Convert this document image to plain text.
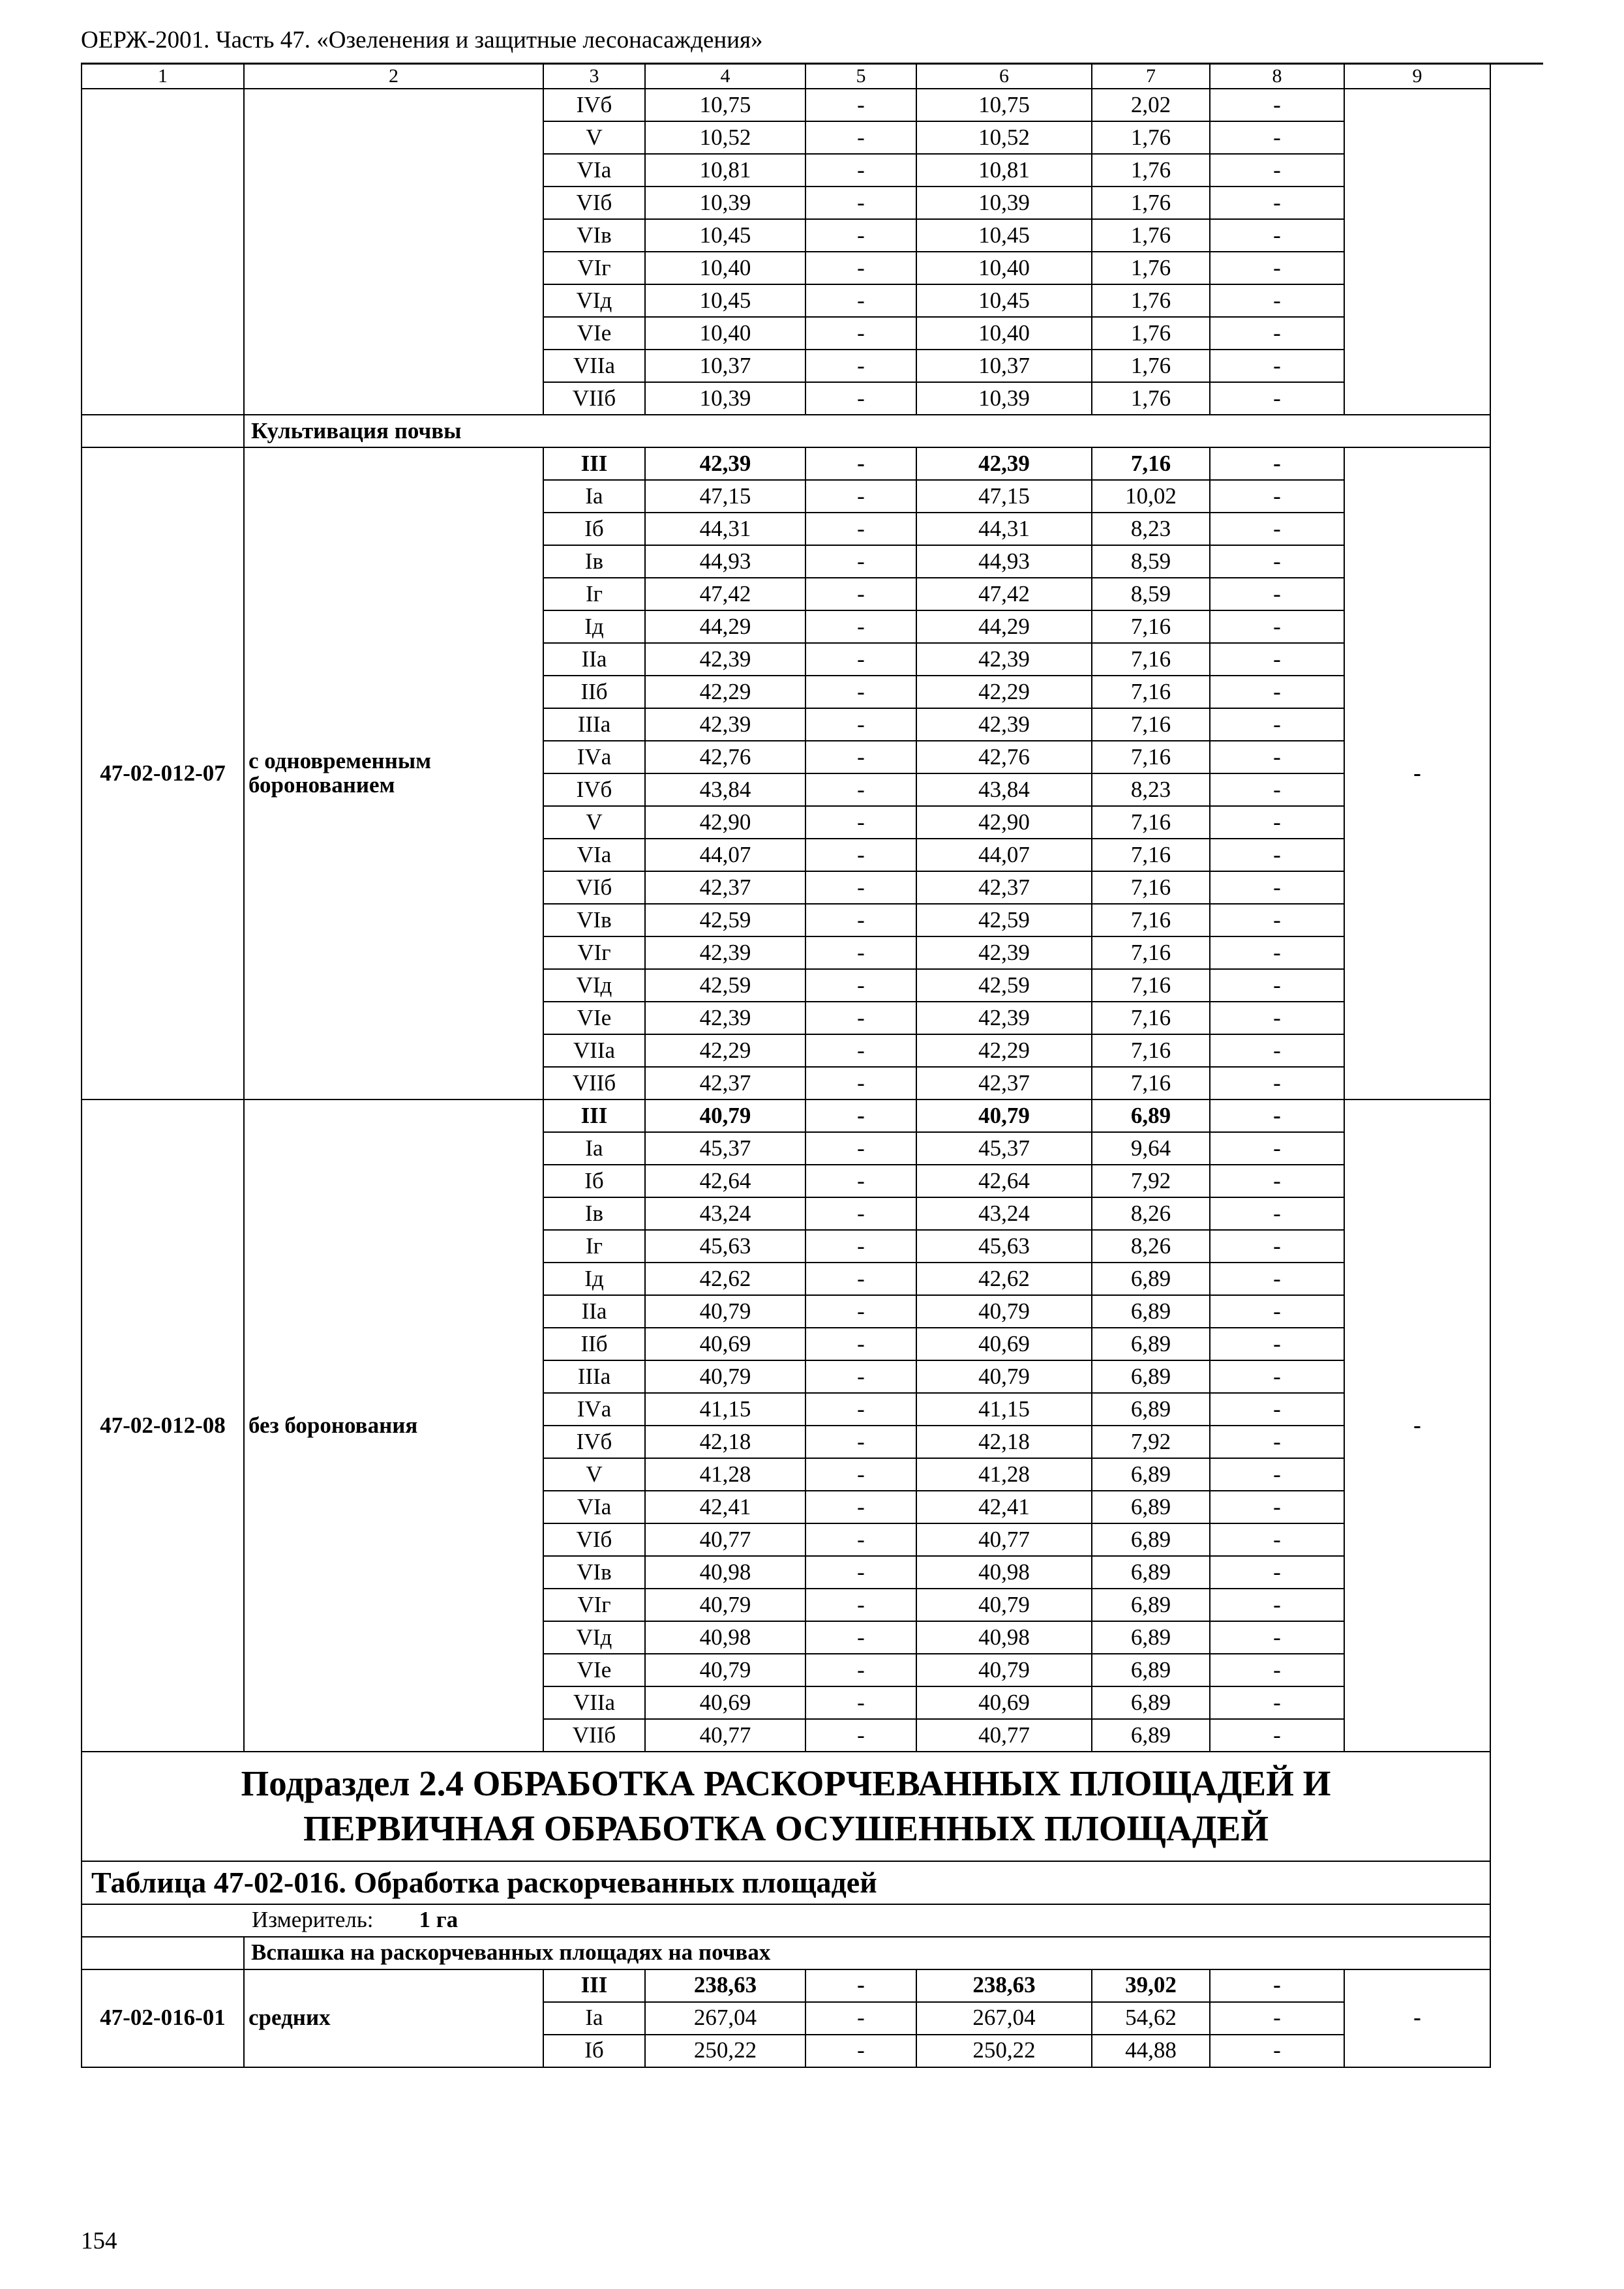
ОЕРЖ-2001. Часть 47. «Озеленения и защитные лесонасаждения»
1	2	3	4	5	6	7	8	9
		IVб	10,75	-	10,75	2,02	-	
		V	10,52	-	10,52	1,76	-	
		VIа	10,81	-	10,81	1,76	-	
		VIб	10,39	-	10,39	1,76	-	
		VIв	10,45	-	10,45	1,76	-	
		VIг	10,40	-	10,40	1,76	-	
		VIд	10,45	-	10,45	1,76	-	
		VIе	10,40	-	10,40	1,76	-	
		VIIа	10,37	-	10,37	1,76	-	
		VIIб	10,39	-	10,39	1,76	-	
	Культивация почвы							
47-02-012-07	с одновременным боронованием	III	42,39	-	42,39	7,16	-	-
		Iа	47,15	-	47,15	10,02	-	
		Iб	44,31	-	44,31	8,23	-	
		Iв	44,93	-	44,93	8,59	-	
		Iг	47,42	-	47,42	8,59	-	
		Iд	44,29	-	44,29	7,16	-	
		IIа	42,39	-	42,39	7,16	-	
		IIб	42,29	-	42,29	7,16	-	
		IIIа	42,39	-	42,39	7,16	-	
		IVа	42,76	-	42,76	7,16	-	
		IVб	43,84	-	43,84	8,23	-	
		V	42,90	-	42,90	7,16	-	
		VIа	44,07	-	44,07	7,16	-	
		VIб	42,37	-	42,37	7,16	-	
		VIв	42,59	-	42,59	7,16	-	
		VIг	42,39	-	42,39	7,16	-	
		VIд	42,59	-	42,59	7,16	-	
		VIе	42,39	-	42,39	7,16	-	
		VIIа	42,29	-	42,29	7,16	-	
		VIIб	42,37	-	42,37	7,16	-	
47-02-012-08	без боронования	III	40,79	-	40,79	6,89	-	-
		Iа	45,37	-	45,37	9,64	-	
		Iб	42,64	-	42,64	7,92	-	
		Iв	43,24	-	43,24	8,26	-	
		Iг	45,63	-	45,63	8,26	-	
		Iд	42,62	-	42,62	6,89	-	
		IIа	40,79	-	40,79	6,89	-	
		IIб	40,69	-	40,69	6,89	-	
		IIIа	40,79	-	40,79	6,89	-	
		IVа	41,15	-	41,15	6,89	-	
		IVб	42,18	-	42,18	7,92	-	
		V	41,28	-	41,28	6,89	-	
		VIа	42,41	-	42,41	6,89	-	
		VIб	40,77	-	40,77	6,89	-	
		VIв	40,98	-	40,98	6,89	-	
		VIг	40,79	-	40,79	6,89	-	
		VIд	40,98	-	40,98	6,89	-	
		VIе	40,79	-	40,79	6,89	-	
		VIIа	40,69	-	40,69	6,89	-	
		VIIб	40,77	-	40,77	6,89	-	
Подраздел 2.4 ОБРАБОТКА РАСКОРЧЕВАННЫХ ПЛОЩАДЕЙ И ПЕРВИЧНАЯ ОБРАБОТКА ОСУШЕННЫХ ПЛОЩАДЕЙ								
Таблица 47-02-016. Обработка раскорчеванных площадей								
Измеритель: 1 га								
	Вспашка на раскорчеванных площадях на почвах							
47-02-016-01	средних	III	238,63	-	238,63	39,02	-	-
		Iа	267,04	-	267,04	54,62	-	
		Iб	250,22	-	250,22	44,88	-	
154
